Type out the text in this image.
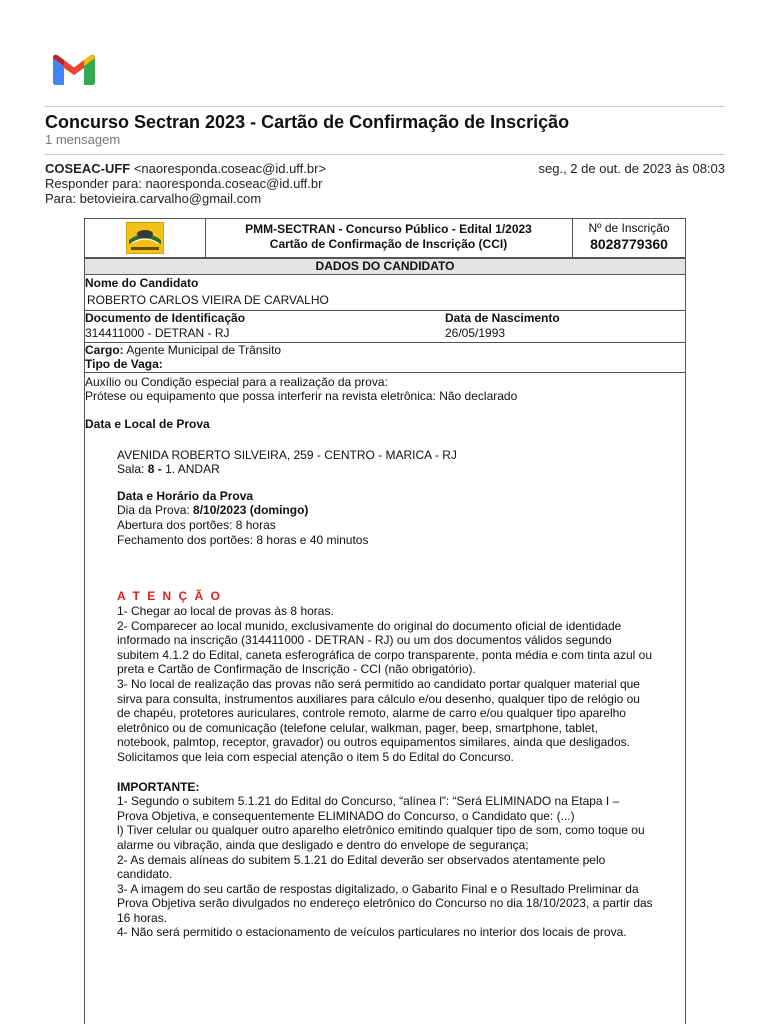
Concurso Sectran 2023 - Cartão de Confirmação de Inscrição
1 mensagem
COSEAC-UFF <naoresponda.coseac@id.uff.br>	seg., 2 de out. de 2023 às 08:03
Responder para: naoresponda.coseac@id.uff.br
Para: betovieira.carvalho@gmail.com
PMM-SECTRAN - Concurso Público - Edital 1/2023
Cartão de Confirmação de Inscrição (CCI)
Nº de Inscrição
8028779360
DADOS DO CANDIDATO
Nome do Candidato
ROBERTO CARLOS VIEIRA DE CARVALHO
Documento de Identificação
314411000 - DETRAN - RJ
Data de Nascimento
26/05/1993
Cargo: Agente Municipal de Trânsito
Tipo de Vaga:
Auxílio ou Condição especial para a realização da prova:
Prótese ou equipamento que possa interferir na revista eletrônica: Não declarado
Data e Local de Prova
AVENIDA ROBERTO SILVEIRA, 259 - CENTRO - MARICA - RJ
Sala: 8 - 1. ANDAR
Data e Horário da Prova
Dia da Prova: 8/10/2023 (domingo)
Abertura dos portões: 8 horas
Fechamento dos portões: 8 horas e 40 minutos
A T E N Ç Ã O

1- Chegar ao local de provas às 8 horas.

2- Comparecer ao local munido, exclusivamente do original do documento oficial de identidade informado na inscrição (314411000 - DETRAN - RJ) ou um dos documentos válidos segundo subitem 4.1.2 do Edital, caneta esferográfica de corpo transparente, ponta média e com tinta azul ou preta e Cartão de Confirmação de Inscrição - CCI (não obrigatório).

3- No local de realização das provas não será permitido ao candidato portar qualquer material que sirva para consulta, instrumentos auxiliares para cálculo e/ou desenho, qualquer tipo de relógio ou de chapéu, protetores auriculares, controle remoto, alarme de carro e/ou qualquer tipo aparelho eletrônico ou de comunicação (telefone celular, walkman, pager, beep, smartphone, tablet, notebook, palmtop, receptor, gravador) ou outros equipamentos similares, ainda que desligados. Solicitamos que leia com especial atenção o item 5 do Edital do Concurso.

IMPORTANTE:

1- Segundo o subitem 5.1.21 do Edital do Concurso, “alínea l”: “Será ELIMINADO na Etapa I – Prova Objetiva, e consequentemente ELIMINADO do Concurso, o Candidato que: (...)

l) Tiver celular ou qualquer outro aparelho eletrônico emitindo qualquer tipo de som, como toque ou alarme ou vibração, ainda que desligado e dentro do envelope de segurança;

2- As demais alíneas do subitem 5.1.21 do Edital deverão ser observados atentamente pelo candidato.

3- A imagem do seu cartão de respostas digitalizado, o Gabarito Final e o Resultado Preliminar da Prova Objetiva serão divulgados no endereço eletrônico do Concurso no dia 18/10/2023, a partir das 16 horas.

4- Não será permitido o estacionamento de veículos particulares no interior dos locais de prova.
